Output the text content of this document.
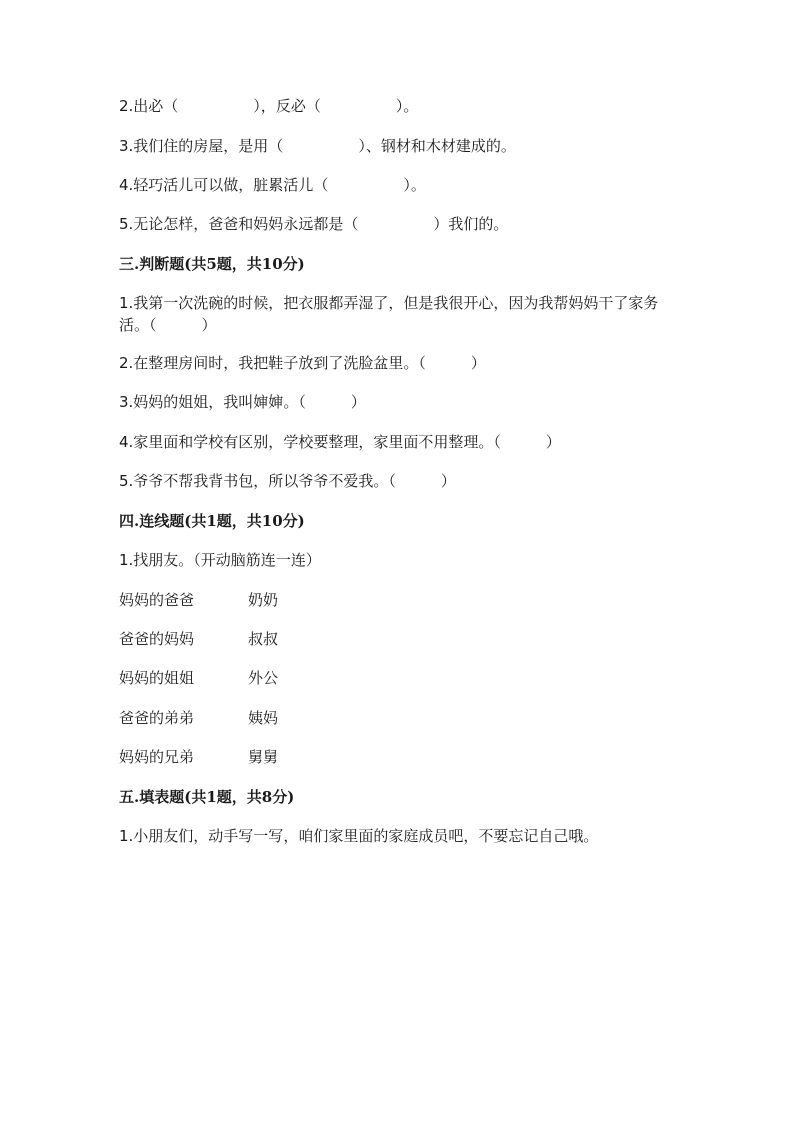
2.出必（　　　　　），反必（　　　　　）。
3.我们住的房屋，是用（　　　　　）、钢材和木材建成的。
4.轻巧活儿可以做，脏累活儿（　　　　　）。
5.无论怎样，爸爸和妈妈永远都是（　　　　　）我们的。
三.判断题(共5题，共10分)
1.我第一次洗碗的时候，把衣服都弄湿了，但是我很开心，因为我帮妈妈干了家务活。（　　　）
2.在整理房间时，我把鞋子放到了洗脸盆里。（　　　）
3.妈妈的姐姐，我叫婶婶。（　　　）
4.家里面和学校有区别，学校要整理，家里面不用整理。（　　　）
5.爷爷不帮我背书包，所以爷爷不爱我。（　　　）
四.连线题(共1题，共10分)
1.找朋友。（开动脑筋连一连）
妈妈的爸爸	奶奶
爸爸的妈妈	叔叔
妈妈的姐姐	外公
爸爸的弟弟	姨妈
妈妈的兄弟	舅舅
五.填表题(共1题，共8分)
1.小朋友们，动手写一写，咱们家里面的家庭成员吧，不要忘记自己哦。
